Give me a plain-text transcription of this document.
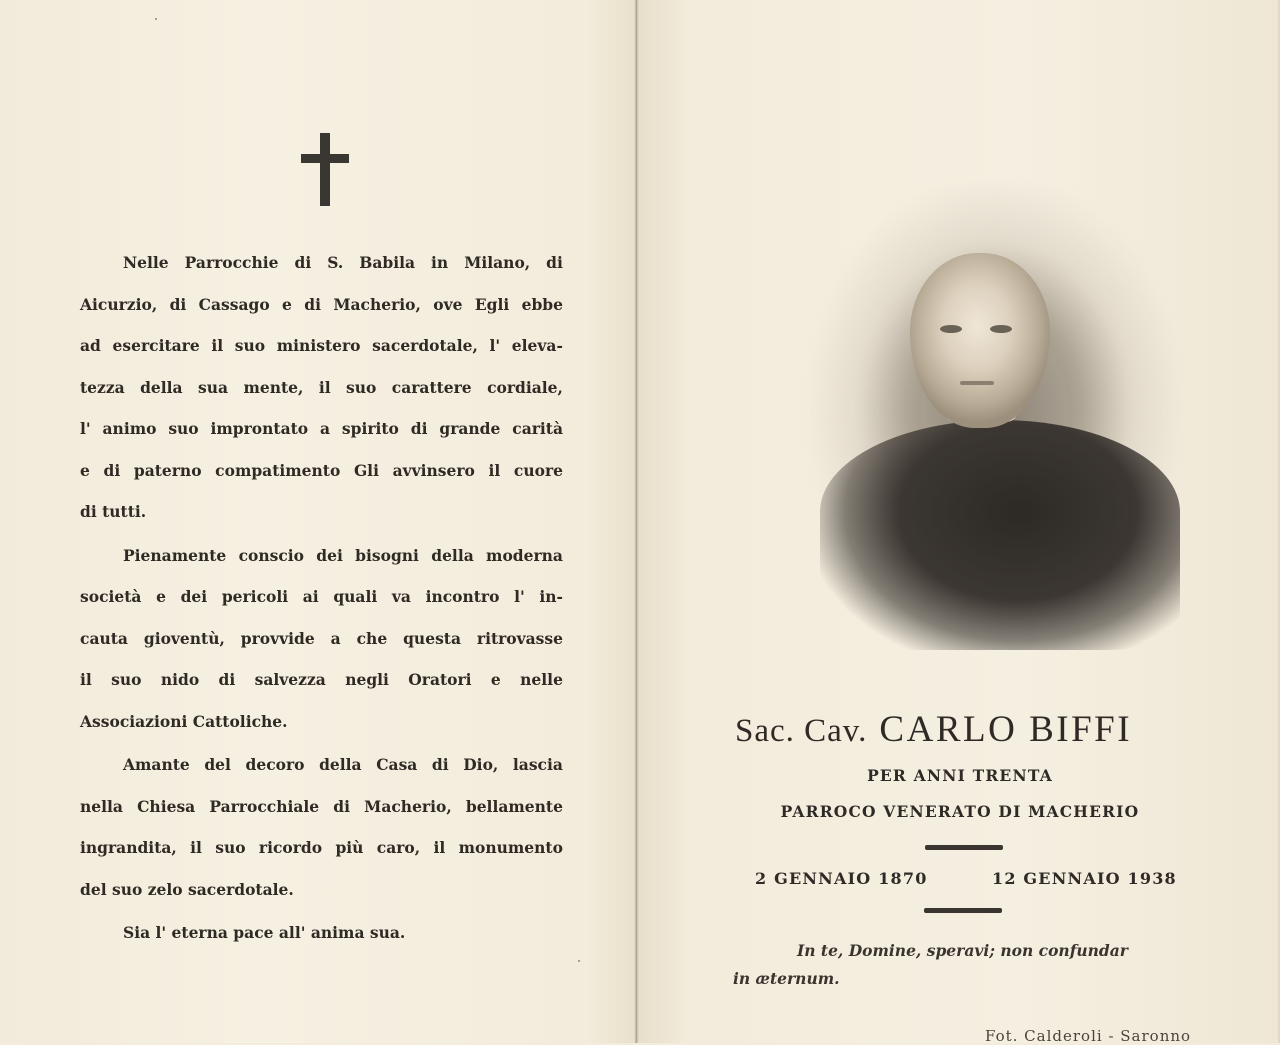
Nelle Parrocchie di S. Babila in Milano, di

Aicurzio, di Cassago e di Macherio, ove Egli ebbe

ad esercitare il suo ministero sacerdotale, l' eleva-

tezza della sua mente, il suo carattere cordiale,

l' animo suo improntato a spirito di grande carità

e di paterno compatimento Gli avvinsero il cuore

di tutti.

Pienamente conscio dei bisogni della moderna

società e dei pericoli ai quali va incontro l' in-

cauta gioventù, provvide a che questa ritrovasse

il suo nido di salvezza negli Oratori e nelle

Associazioni Cattoliche.

Amante del decoro della Casa di Dio, lascia

nella Chiesa Parrocchiale di Macherio, bellamente

ingrandita, il suo ricordo più caro, il monumento

del suo zelo sacerdotale.

Sia l' eterna pace all' anima sua.

Sac. Cav. CARLO BIFFI
PER ANNI TRENTA
PARROCO VENERATO DI MACHERIO
2 GENNAIO 1870	12 GENNAIO 1938
In te, Domine, speravi; non confundar
in æternum.
Fot. Calderoli - Saronno
